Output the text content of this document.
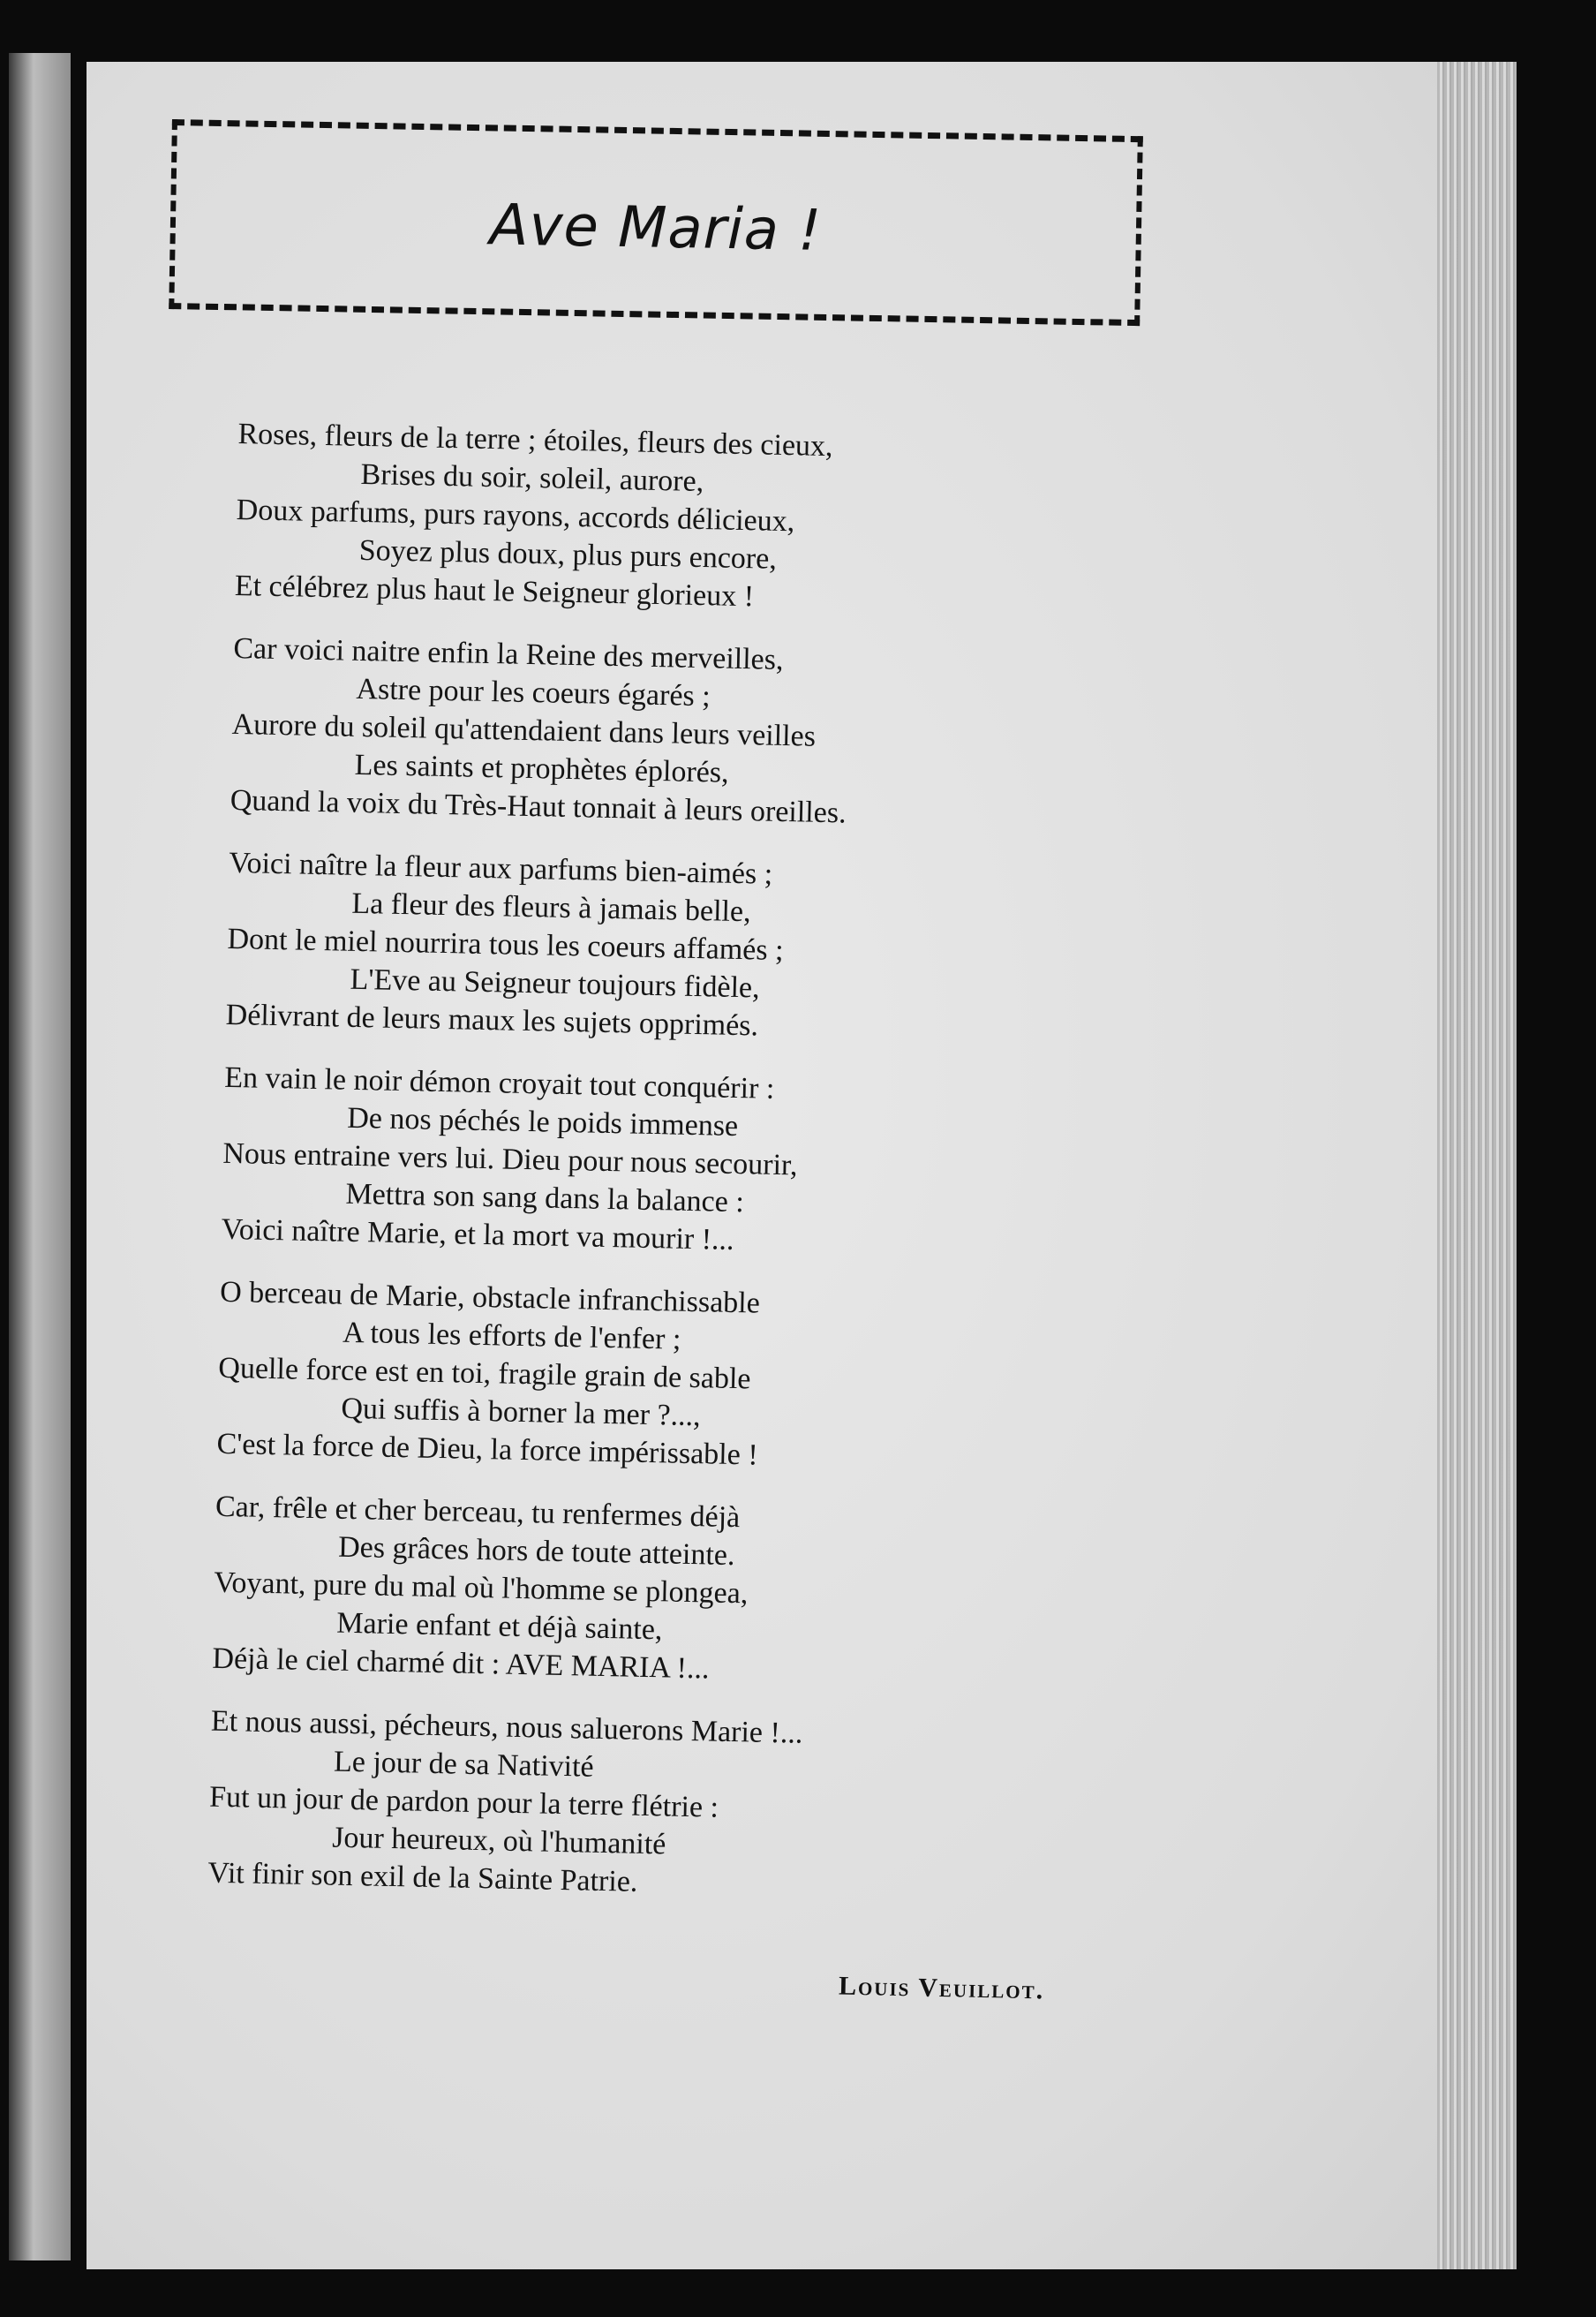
Ave Maria !
Roses, fleurs de la terre ; étoiles, fleurs des cieux,
Brises du soir, soleil, aurore,
Doux parfums, purs rayons, accords délicieux,
Soyez plus doux, plus purs encore,
Et célébrez plus haut le Seigneur glorieux !
Car voici naitre enfin la Reine des merveilles,
Astre pour les coeurs égarés ;
Aurore du soleil qu'attendaient dans leurs veilles
Les saints et prophètes éplorés,
Quand la voix du Très-Haut tonnait à leurs oreilles.
Voici naître la fleur aux parfums bien-aimés ;
La fleur des fleurs à jamais belle,
Dont le miel nourrira tous les coeurs affamés ;
L'Eve au Seigneur toujours fidèle,
Délivrant de leurs maux les sujets opprimés.
En vain le noir démon croyait tout conquérir :
De nos péchés le poids immense
Nous entraine vers lui. Dieu pour nous secourir,
Mettra son sang dans la balance :
Voici naître Marie, et la mort va mourir !...
O berceau de Marie, obstacle infranchissable
A tous les efforts de l'enfer ;
Quelle force est en toi, fragile grain de sable
Qui suffis à borner la mer ?...,
C'est la force de Dieu, la force impérissable !
Car, frêle et cher berceau, tu renfermes déjà
Des grâces hors de toute atteinte.
Voyant, pure du mal où l'homme se plongea,
Marie enfant et déjà sainte,
Déjà le ciel charmé dit : AVE MARIA !...
Et nous aussi, pécheurs, nous saluerons Marie !...
Le jour de sa Nativité
Fut un jour de pardon pour la terre flétrie :
Jour heureux, où l'humanité
Vit finir son exil de la Sainte Patrie.
Louis Veuillot.
